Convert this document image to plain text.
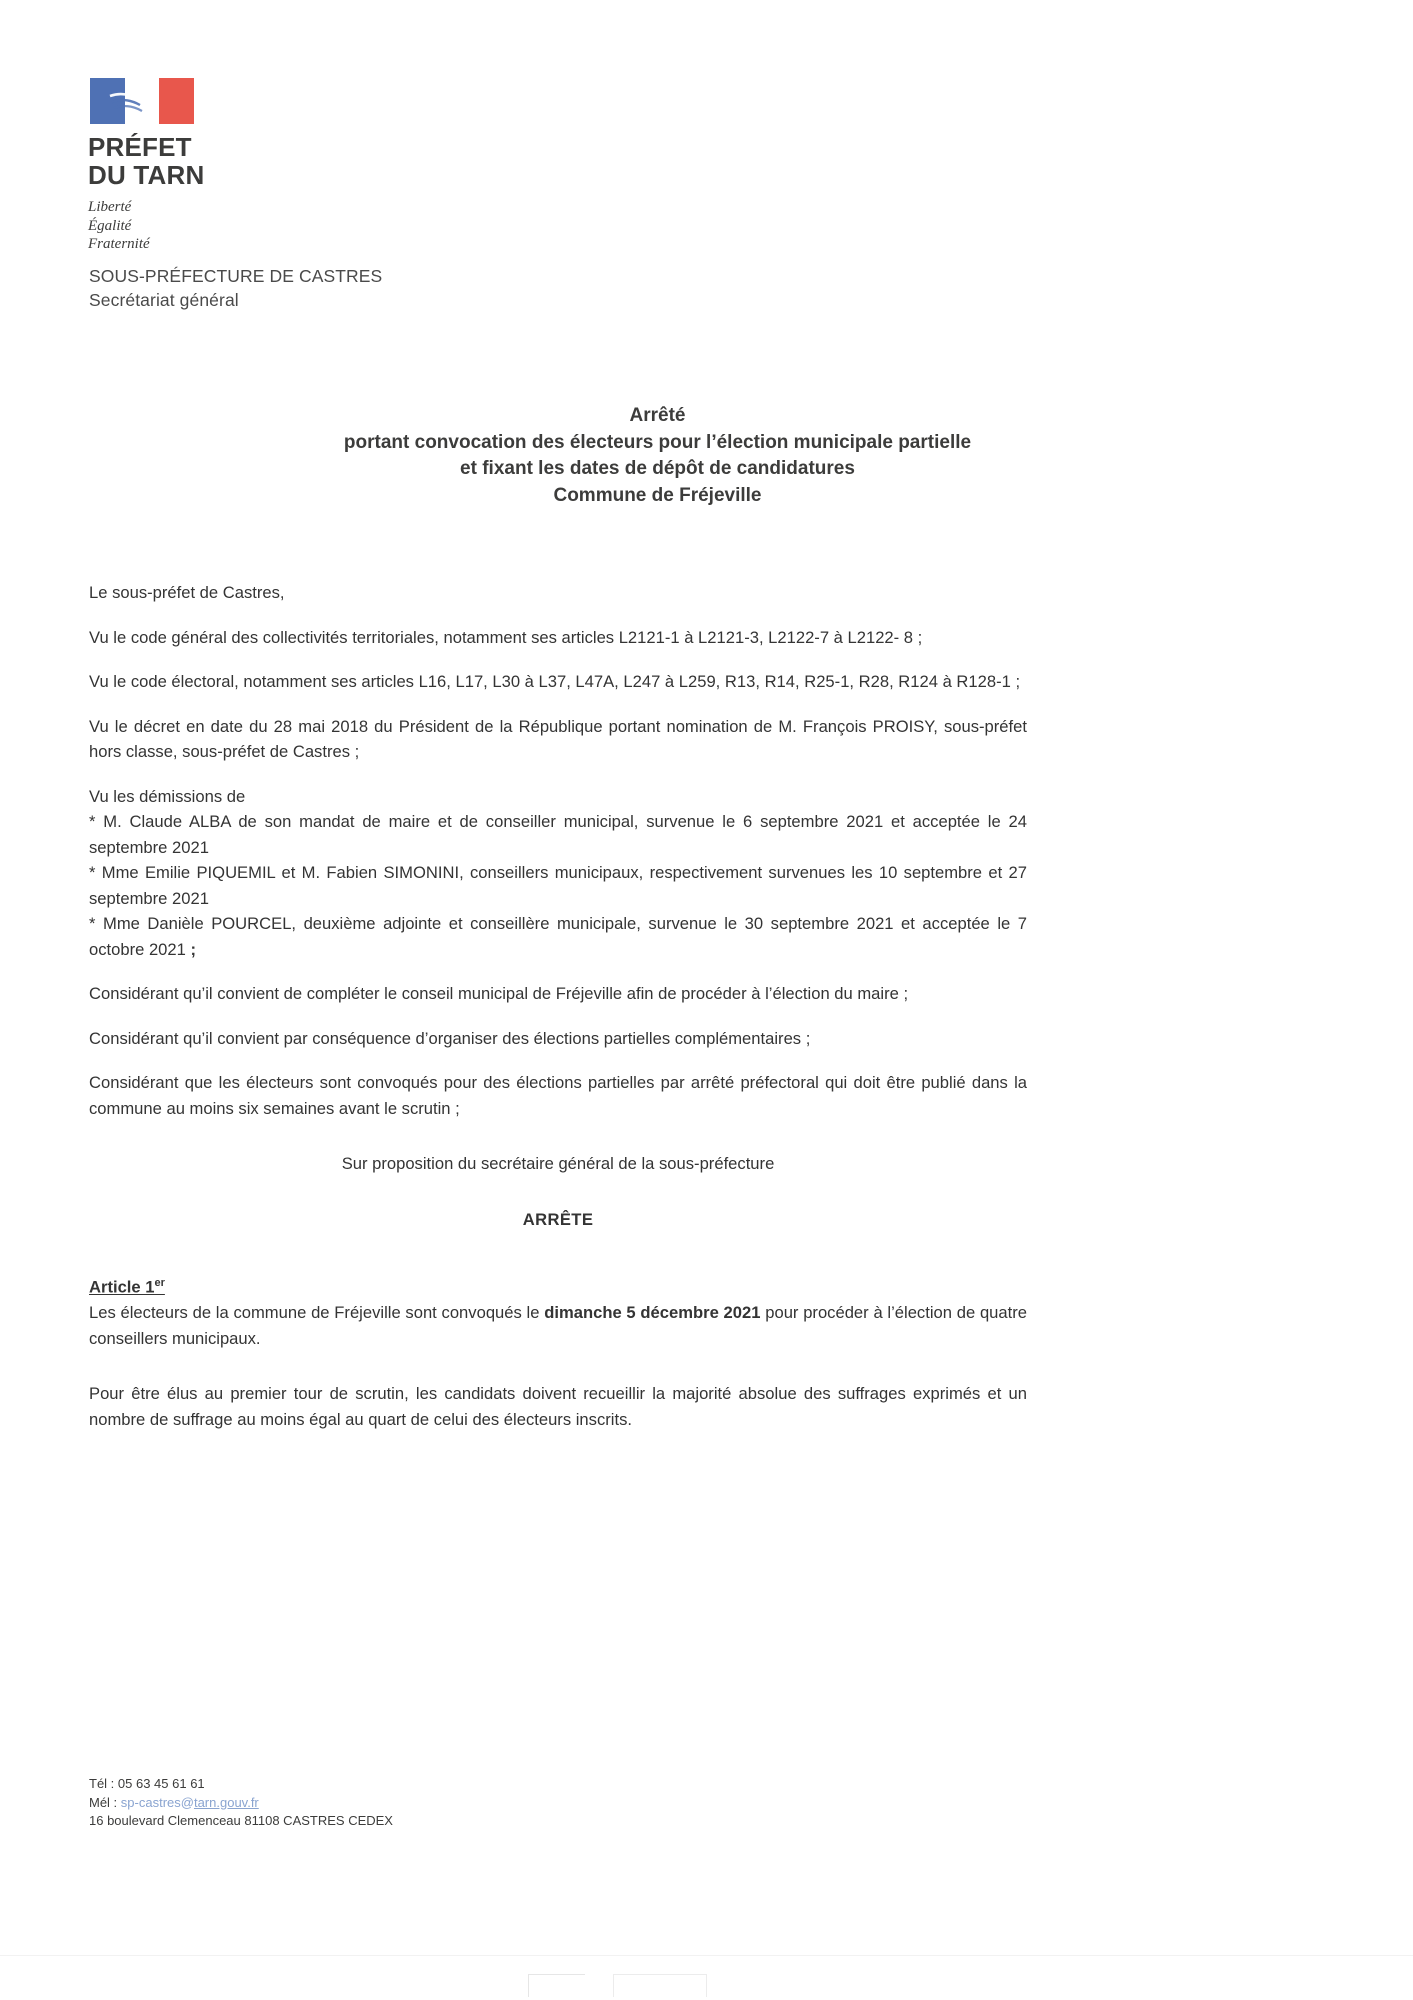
PRÉFET
DU TARN
Liberté
Égalité
Fraternité
SOUS-PRÉFECTURE DE CASTRES
Secrétariat général
Arrêté
portant convocation des électeurs pour l’élection municipale partielle
et fixant les dates de dépôt de candidatures
Commune de Fréjeville

Le sous-préfet de Castres,

Vu le code général des collectivités territoriales, notamment ses articles L2121-1 à L2121-3, L2122-7 à L2122- 8 ;

Vu le code électoral, notamment ses articles L16, L17, L30 à L37, L47A, L247 à L259, R13, R14, R25-1, R28, R124 à R128-1 ;

Vu le décret en date du 28 mai 2018 du Président de la République portant nomination de M. François PROISY, sous-préfet hors classe, sous-préfet de Castres ;

Vu les démissions de

* M. Claude ALBA de son mandat de maire et de conseiller municipal, survenue le 6 septembre 2021 et acceptée le 24 septembre 2021

* Mme Emilie PIQUEMIL et M. Fabien SIMONINI, conseillers municipaux, respectivement survenues les 10 septembre et 27 septembre 2021

* Mme Danièle POURCEL, deuxième adjointe et conseillère municipale, survenue le 30 septembre 2021 et acceptée le 7 octobre 2021 ;

Considérant qu’il convient de compléter le conseil municipal de Fréjeville afin de procéder à l’élection du maire ;

Considérant qu’il convient par conséquence d’organiser des élections partielles complémentaires ;

Considérant que les électeurs sont convoqués pour des élections partielles par arrêté préfectoral qui doit être publié dans la commune au moins six semaines avant le scrutin ;

Sur proposition du secrétaire général de la sous-préfecture

ARRÊTE

Article 1er

Les électeurs de la commune de Fréjeville sont convoqués le dimanche 5 décembre 2021 pour procéder à l’élection de quatre conseillers municipaux.

Pour être élus au premier tour de scrutin, les candidats doivent recueillir la majorité absolue des suffrages exprimés et un nombre de suffrage au moins égal au quart de celui des électeurs inscrits.

Tél : 05 63 45 61 61
Mél : sp-castres@tarn.gouv.fr
16 boulevard Clemenceau 81108 CASTRES CEDEX
